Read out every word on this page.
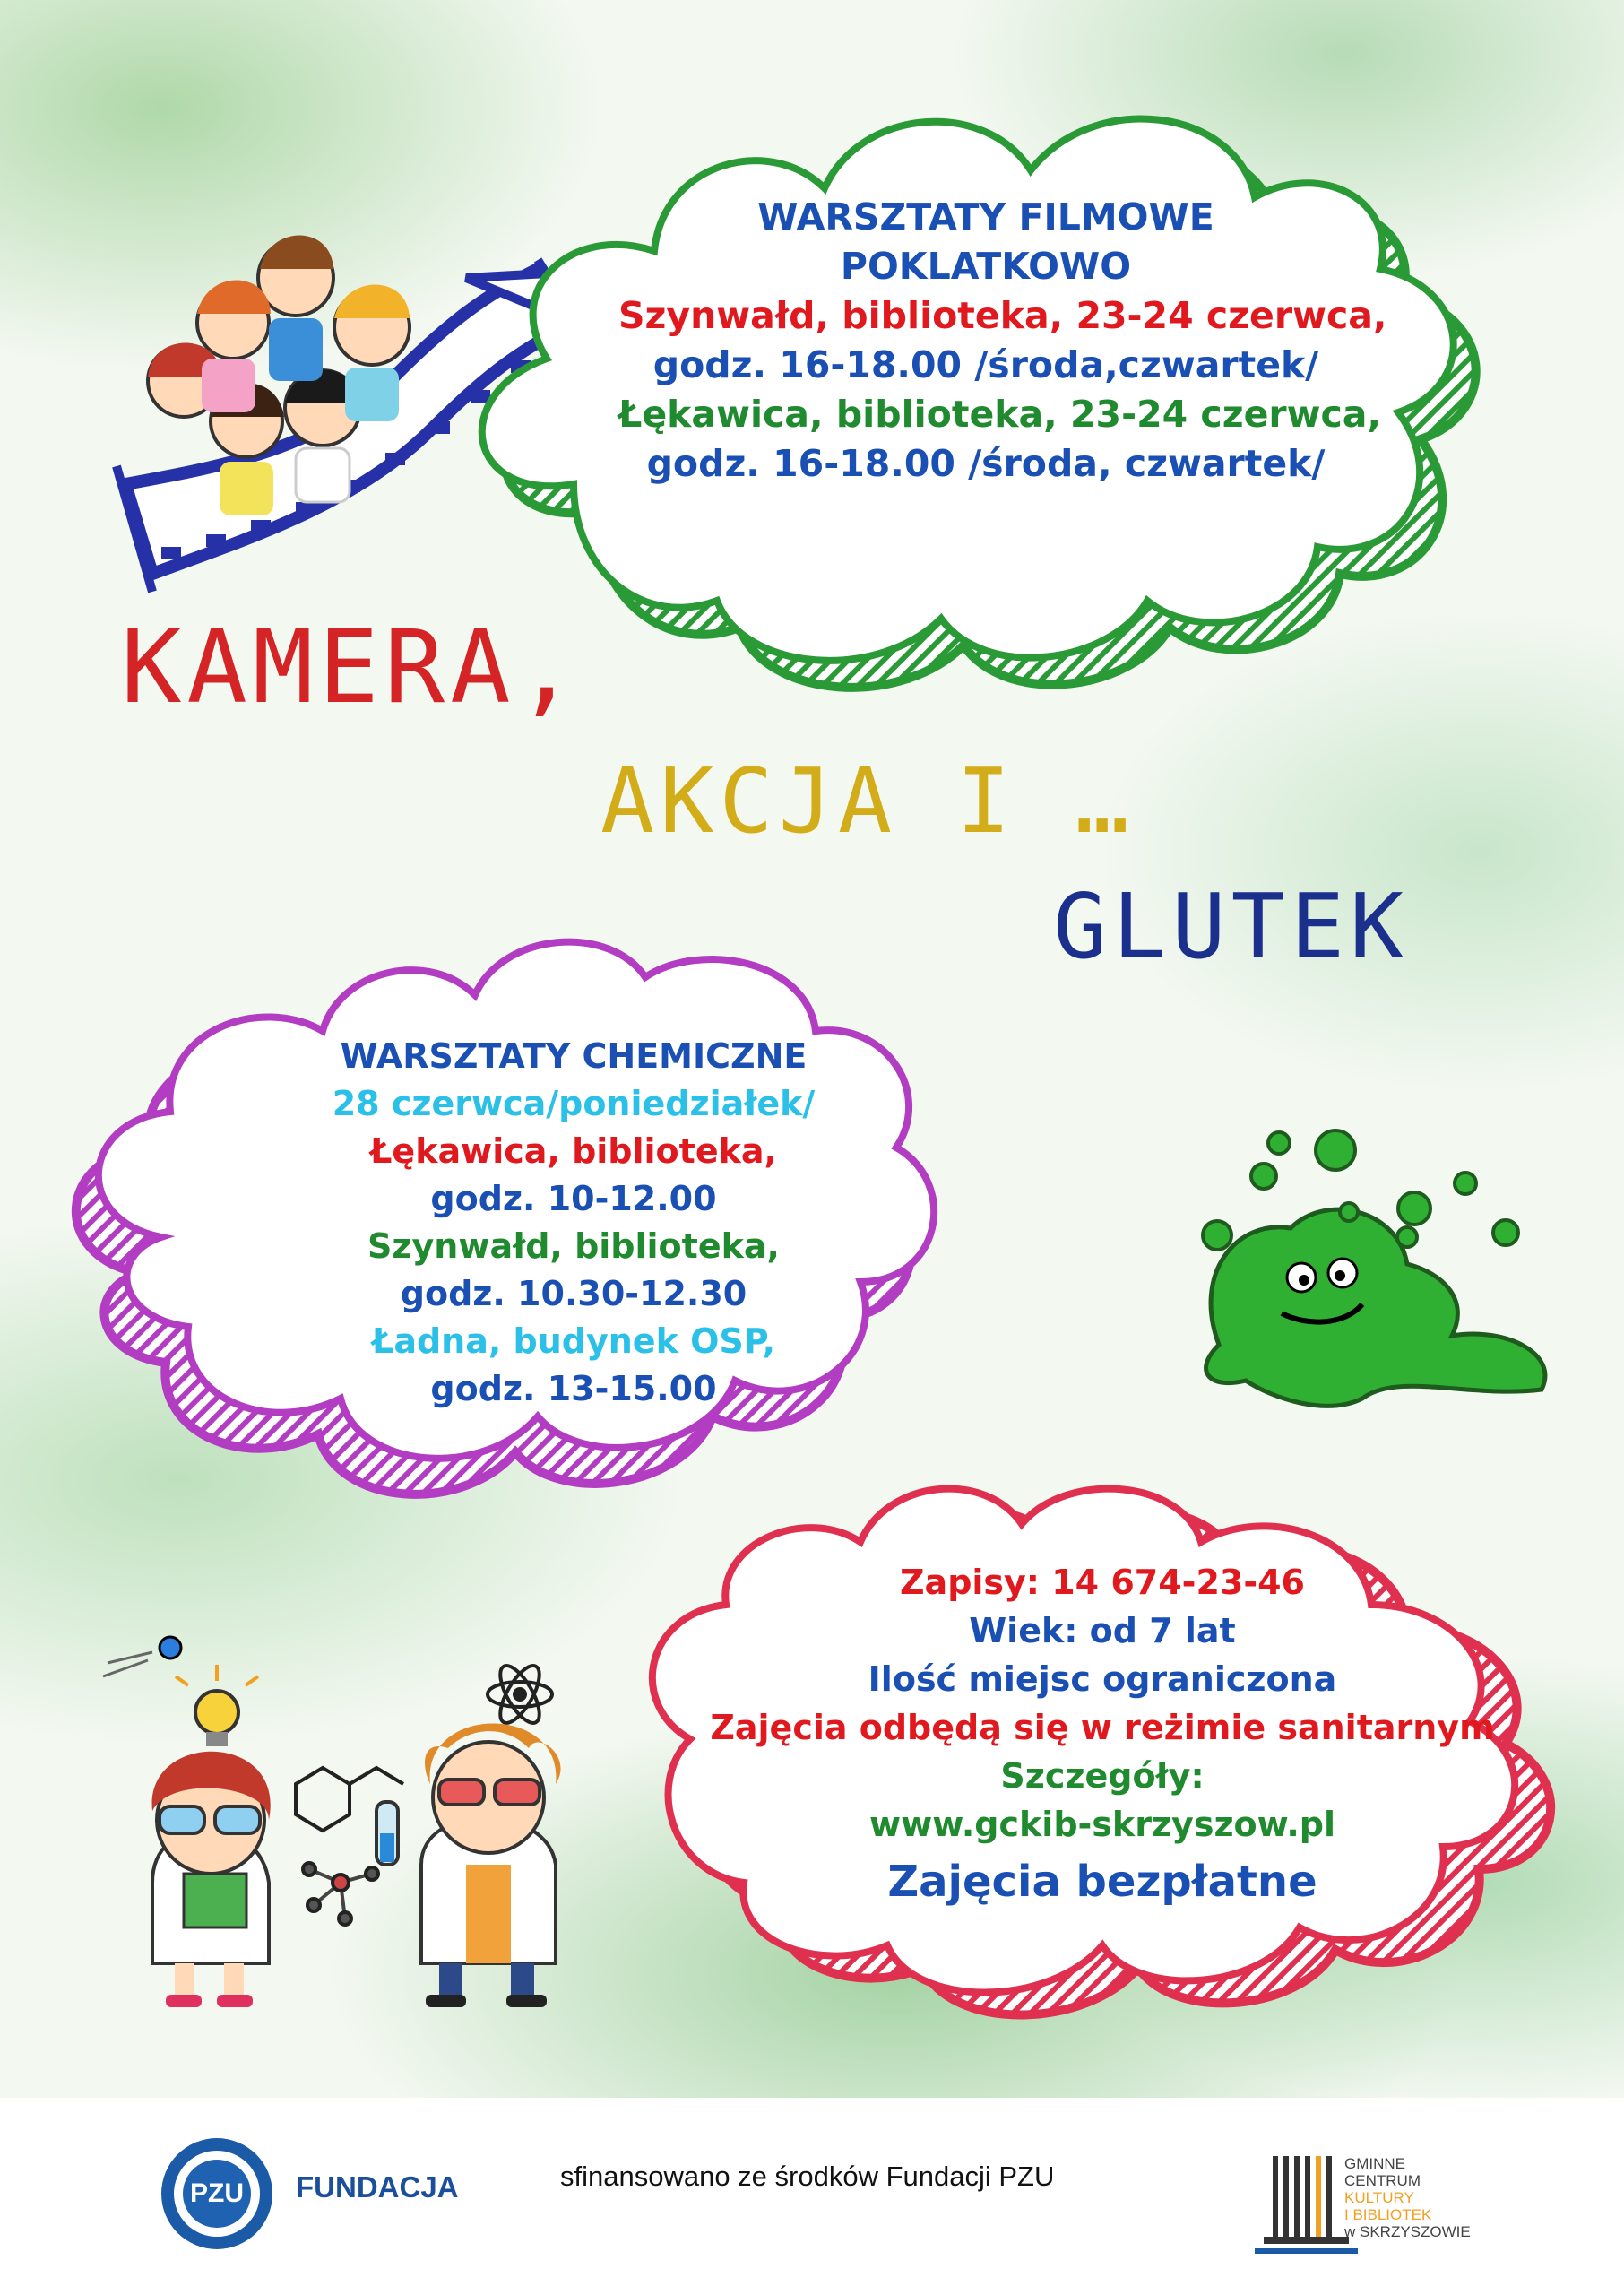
WARSZTATY FILMOWE
POKLATKOWO
Szynwałd, biblioteka, 23-24 czerwca,
godz. 16-18.00 /środa,czwartek/
Łękawica, biblioteka, 23-24 czerwca,
godz. 16-18.00 /środa, czwartek/
KAMERA,
AKCJA I …
GLUTEK
WARSZTATY CHEMICZNE
28 czerwca/poniedziałek/
Łękawica, biblioteka,
godz. 10-12.00
Szynwałd, biblioteka,
godz. 10.30-12.30
Ładna, budynek OSP,
godz. 13-15.00
Zapisy: 14 674-23-46
Wiek: od 7 lat
Ilość miejsc ograniczona
Zajęcia odbędą się w reżimie sanitarnym
Szczegóły:
www.gckib-skrzyszow.pl
Zajęcia bezpłatne
PZU FUNDACJA	sfinansowano ze środków Fundacji PZU	GMINNE
CENTRUM
KULTURY
I BIBLIOTEK
w SKRZYSZOWIE
